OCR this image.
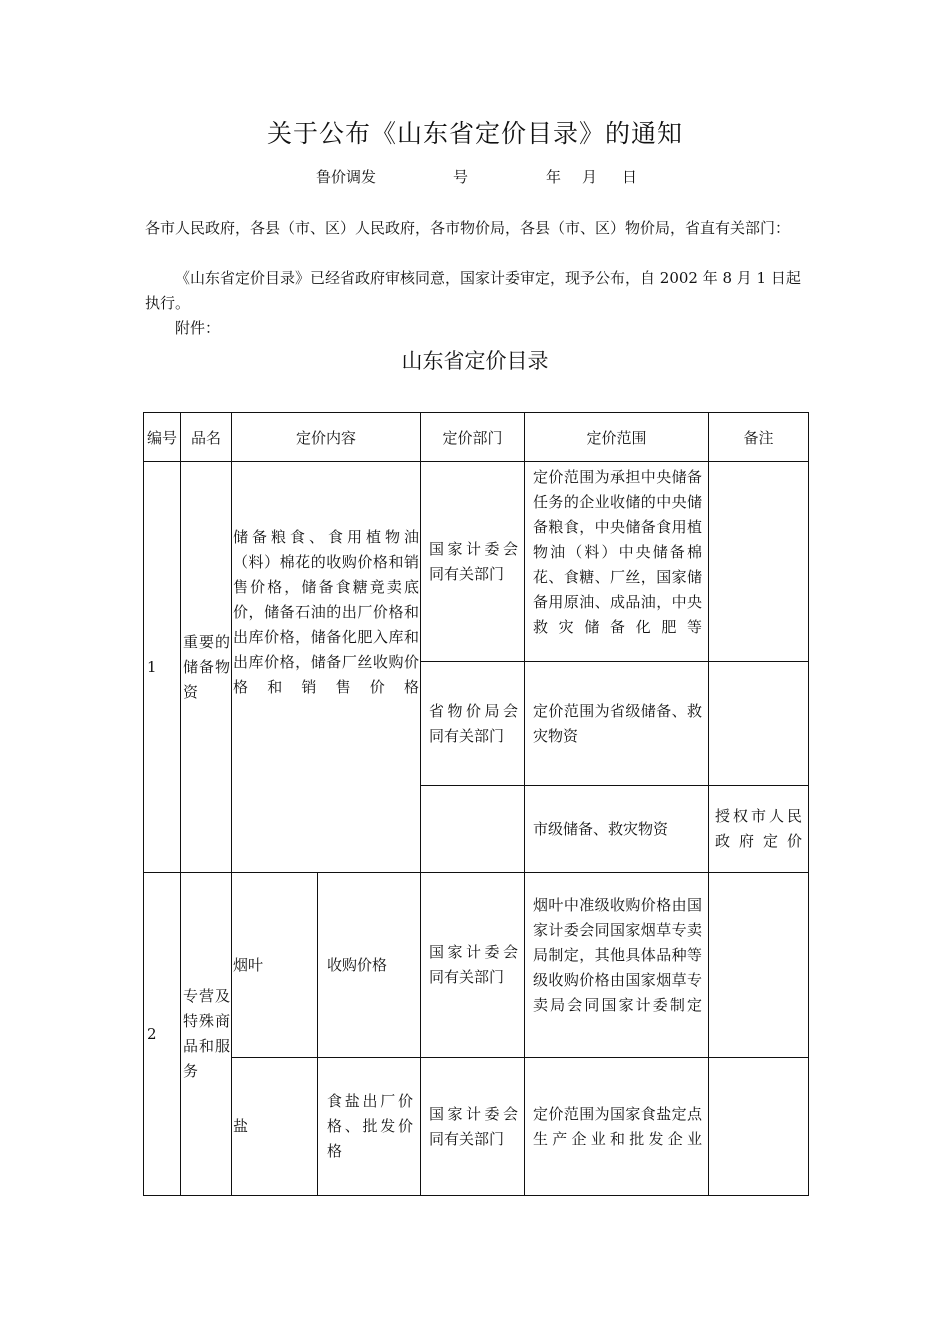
关于公布《山东省定价目录》的通知
鲁价调发	号	年 月 日
各市人民政府，各县（市、区）人民政府，各市物价局，各县（市、区）物价局，省直有关部门：
《山东省定价目录》已经省政府审核同意，国家计委审定，现予公布，自 2002 年 8 月 1 日起执行。
附件：
山东省定价目录
编号	品名	定价内容		定价部门	定价范围	备注
1	重要的储备物资	储备粮食、食用植物油（料）棉花的收购价格和销售价格，储备食糖竟卖底价，储备石油的出厂价格和出库价格，储备化肥入库和出库价格，储备厂丝收购价格和销售价格		国家计委会同有关部门	定价范围为承担中央储备任务的企业收储的中央储备粮食，中央储备食用植物油（料）中央储备棉花、食糖、厂丝，国家储备用原油、成品油，中央救灾储备化肥等	

				省物价局会同有关部门	定价范围为省级储备、救灾物资	

					市级储备、救灾物资	授权市人民政府定价

2	专营及特殊商品和服务	烟叶	收购价格	国家计委会同有关部门	烟叶中准级收购价格由国家计委会同国家烟草专卖局制定，其他具体品种等级收购价格由国家烟草专卖局会同国家计委制定	

		盐	食盐出厂价格、批发价格	国家计委会同有关部门	定价范围为国家食盐定点生产企业和批发企业	
